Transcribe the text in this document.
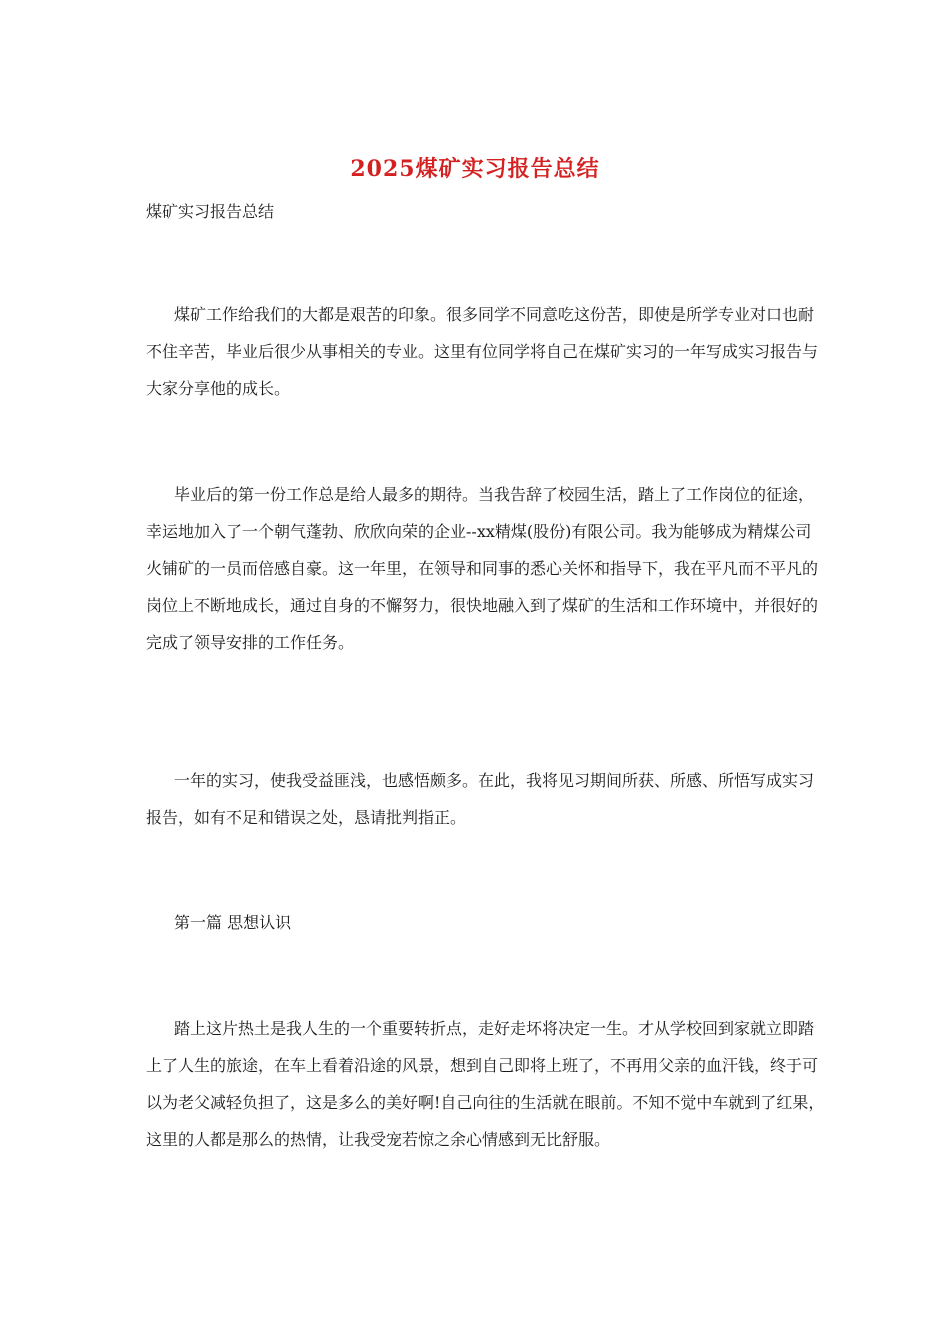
2025煤矿实习报告总结
煤矿实习报告总结

煤矿工作给我们的大都是艰苦的印象。很多同学不同意吃这份苦，即使是所学专业对口也耐不住辛苦，毕业后很少从事相关的专业。这里有位同学将自己在煤矿实习的一年写成实习报告与大家分享他的成长。

毕业后的第一份工作总是给人最多的期待。当我告辞了校园生活，踏上了工作岗位的征途，幸运地加入了一个朝气蓬勃、欣欣向荣的企业--xx精煤(股份)有限公司。我为能够成为精煤公司火铺矿的一员而倍感自豪。这一年里，在领导和同事的悉心关怀和指导下，我在平凡而不平凡的岗位上不断地成长，通过自身的不懈努力，很快地融入到了煤矿的生活和工作环境中，并很好的完成了领导安排的工作任务。

一年的实习，使我受益匪浅，也感悟颇多。在此，我将见习期间所获、所感、所悟写成实习报告，如有不足和错误之处，恳请批判指正。

第一篇 思想认识

踏上这片热土是我人生的一个重要转折点，走好走坏将决定一生。才从学校回到家就立即踏上了人生的旅途，在车上看着沿途的风景，想到自己即将上班了，不再用父亲的血汗钱，终于可以为老父减轻负担了，这是多么的美好啊!自己向往的生活就在眼前。不知不觉中车就到了红果，这里的人都是那么的热情，让我受宠若惊之余心情感到无比舒服。
